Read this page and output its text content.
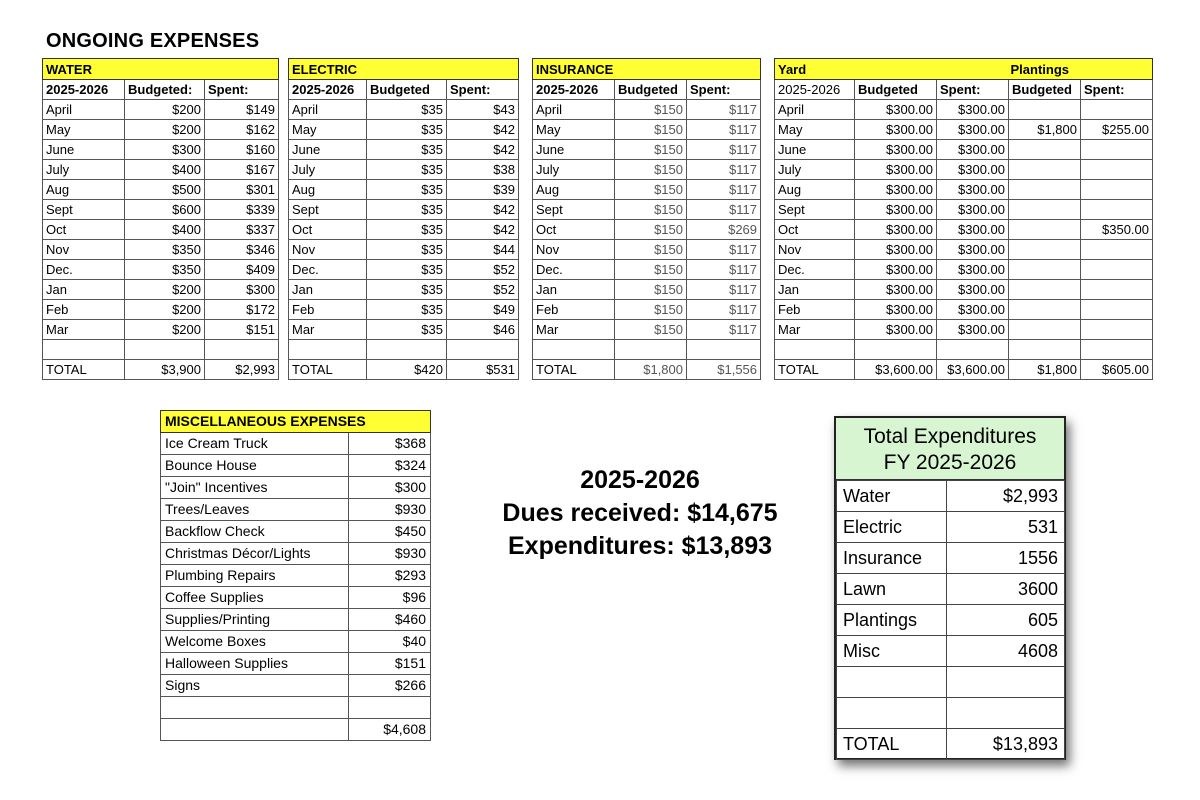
ONGOING EXPENSES
WATER		
2025-2026	Budgeted:	Spent:
April	$200	$149
May	$200	$162
June	$300	$160
July	$400	$167
Aug	$500	$301
Sept	$600	$339
Oct	$400	$337
Nov	$350	$346
Dec.	$350	$409
Jan	$200	$300
Feb	$200	$172
Mar	$200	$151

TOTAL	$3,900	$2,993
ELECTRIC		
2025-2026	Budgeted	Spent:
April	$35	$43
May	$35	$42
June	$35	$42
July	$35	$38
Aug	$35	$39
Sept	$35	$42
Oct	$35	$42
Nov	$35	$44
Dec.	$35	$52
Jan	$35	$52
Feb	$35	$49
Mar	$35	$46

TOTAL	$420	$531
INSURANCE		
2025-2026	Budgeted	Spent:
April	$150	$117
May	$150	$117
June	$150	$117
July	$150	$117
Aug	$150	$117
Sept	$150	$117
Oct	$150	$269
Nov	$150	$117
Dec.	$150	$117
Jan	$150	$117
Feb	$150	$117
Mar	$150	$117

TOTAL	$1,800	$1,556
Yard			Plantings	
2025-2026	Budgeted	Spent:	Budgeted	Spent:
April	$300.00	$300.00		
May	$300.00	$300.00	$1,800	$255.00
June	$300.00	$300.00		
July	$300.00	$300.00		
Aug	$300.00	$300.00		
Sept	$300.00	$300.00		
Oct	$300.00	$300.00		$350.00
Nov	$300.00	$300.00		
Dec.	$300.00	$300.00		
Jan	$300.00	$300.00		
Feb	$300.00	$300.00		
Mar	$300.00	$300.00		

TOTAL	$3,600.00	$3,600.00	$1,800	$605.00
MISCELLANEOUS EXPENSES	
Ice Cream Truck	$368
Bounce House	$324
"Join" Incentives	$300
Trees/Leaves	$930
Backflow Check	$450
Christmas Décor/Lights	$930
Plumbing Repairs	$293
Coffee Supplies	$96
Supplies/Printing	$460
Welcome Boxes	$40
Halloween Supplies	$151
Signs	$266

	$4,608
2025-2026
Dues received: $14,675
Expenditures: $13,893
Total Expenditures
FY 2025-2026
Water	$2,993
Electric	531
Insurance	1556
Lawn	3600
Plantings	605
Misc	4608

TOTAL	$13,893
